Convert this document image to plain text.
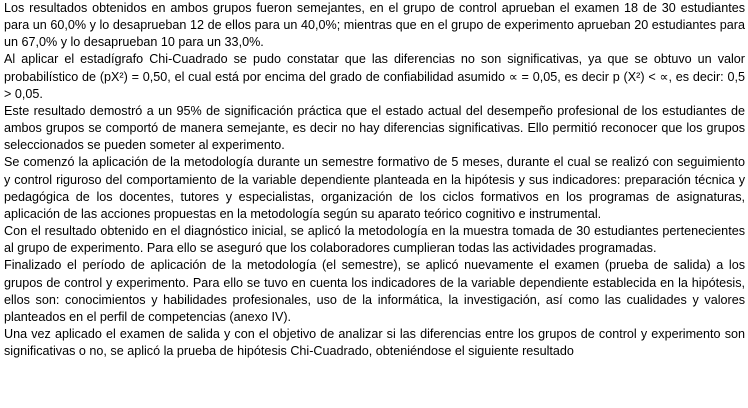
Los resultados obtenidos en ambos grupos fueron semejantes, en el grupo de control aprueban el examen 18 de 30 estudiantes para un 60,0% y lo desaprueban 12 de ellos para un 40,0%; mientras que en el grupo de experimento aprueban 20 estudiantes para un 67,0% y lo desaprueban 10 para un 33,0%.

Al aplicar el estadígrafo Chi-Cuadrado se pudo constatar que las diferencias no son significativas, ya que se obtuvo un valor probabilístico de (pX²) = 0,50, el cual está por encima del grado de confiabilidad asumido ∝ = 0,05, es decir p (X²) < ∝, es decir: 0,5 > 0,05.

Este resultado demostró a un 95% de significación práctica que el estado actual del desempeño profesional de los estudiantes de ambos grupos se comportó de manera semejante, es decir no hay diferencias significativas. Ello permitió reconocer que los grupos seleccionados se pueden someter al experimento.

Se comenzó la aplicación de la metodología durante un semestre formativo de 5 meses, durante el cual se realizó con seguimiento y control riguroso del comportamiento de la variable dependiente planteada en la hipótesis y sus indicadores: preparación técnica y pedagógica de los docentes, tutores y especialistas, organización de los ciclos formativos en los programas de asignaturas, aplicación de las acciones propuestas en la metodología según su aparato teórico cognitivo e instrumental.

Con el resultado obtenido en el diagnóstico inicial, se aplicó la metodología en la muestra tomada de 30 estudiantes pertenecientes al grupo de experimento. Para ello se aseguró que los colaboradores cumplieran todas las actividades programadas.

Finalizado el período de aplicación de la metodología (el semestre), se aplicó nuevamente el examen (prueba de salida) a los grupos de control y experimento. Para ello se tuvo en cuenta los indicadores de la variable dependiente establecida en la hipótesis, ellos son: conocimientos y habilidades profesionales, uso de la informática, la investigación, así como las cualidades y valores planteados en el perfil de competencias (anexo IV).

Una vez aplicado el examen de salida y con el objetivo de analizar si las diferencias entre los grupos de control y experimento son significativas o no, se aplicó la prueba de hipótesis Chi-Cuadrado, obteniéndose el siguiente resultado
